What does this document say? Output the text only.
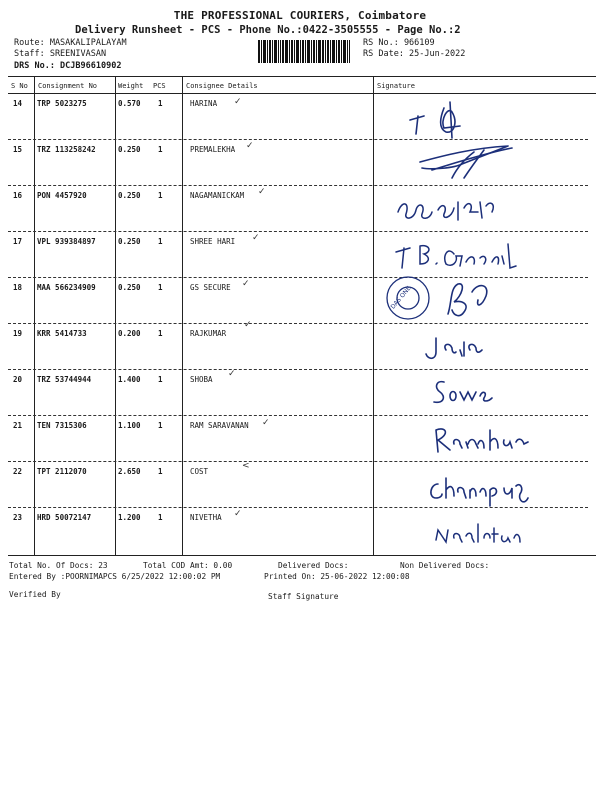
THE PROFESSIONAL COURIERS, Coimbatore
Delivery Runsheet - PCS - Phone No.:0422-3505555 - Page No.:2
Route: MASAKALIPALAYAM
Staff: SREENIVASAN
DRS No.: DCJB96610902
RS No.: 966109
RS Date: 25-Jun-2022
S No Consignment No	Weight PCS	Consignee Details	Signature
14 TRP 5023275	0.570 1	HARINA ✓
15 TRZ 113258242	0.250 1	PREMALEKHA ✓
16 PON 4457920	0.250 1	NAGAMANICKAM ✓
17 VPL 939384897	0.250 1	SHREE HARI ✓
18 MAA 566234909	0.250 1	GS SECURE ✓
19 KRR 5414733	0.200 1	RAJKUMAR
✓
20 TRZ 53744944	1.400 1	SHOBA
✓
21 TEN 7315306	1.100 1	RAM SARAVANAN ✓
22 TPT 2112070	2.650 1	COST
<
23 HRD 50072147	1.200 1	NIVETHA ✓
DAS ONE
Total No. Of Docs: 23	Total COD Amt: 0.00	Delivered Docs:	Non Delivered Docs:
Entered By :POORNIMAPCS 6/25/2022 12:00:02 PM	Printed On: 25-06-2022 12:00:08
Verified By	Staff Signature
